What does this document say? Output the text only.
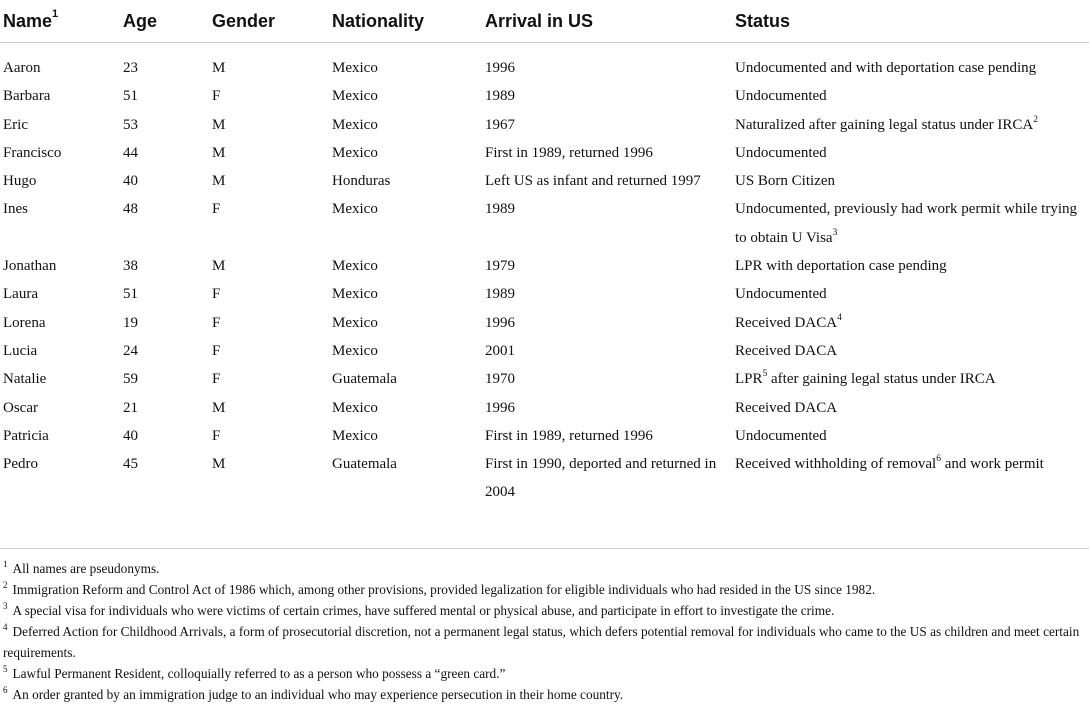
Name$^1$	Age	Gender	Nationality	Arrival in US	Status
Aaron	23	M	Mexico	1996	Undocumented and with deportation case pending
Barbara	51	F	Mexico	1989	Undocumented
Eric	53	M	Mexico	1967	Naturalized after gaining legal status under IRCA$^2$
Francisco	44	M	Mexico	First in 1989, returned 1996	Undocumented
Hugo	40	M	Honduras	Left US as infant and returned 1997	US Born Citizen
Ines	48	F	Mexico	1989	Undocumented, previously had work permit while trying to obtain U Visa$^3$
Jonathan	38	M	Mexico	1979	LPR with deportation case pending
Laura	51	F	Mexico	1989	Undocumented
Lorena	19	F	Mexico	1996	Received DACA$^4$
Lucia	24	F	Mexico	2001	Received DACA
Natalie	59	F	Guatemala	1970	LPR$^5$ after gaining legal status under IRCA
Oscar	21	M	Mexico	1996	Received DACA
Patricia	40	F	Mexico	First in 1989, returned 1996	Undocumented
Pedro	45	M	Guatemala	First in 1990, deported and returned in 2004	Received withholding of removal$^6$ and work permit

$^1$ All names are pseudonyms.

$^2$ Immigration Reform and Control Act of 1986 which, among other provisions, provided legalization for eligible individuals who had resided in the US since 1982.

$^3$ A special visa for individuals who were victims of certain crimes, have suffered mental or physical abuse, and participate in effort to investigate the crime.

$^4$ Deferred Action for Childhood Arrivals, a form of prosecutorial discretion, not a permanent legal status, which defers potential removal for individuals who came to the US as children and meet certain requirements.

$^5$ Lawful Permanent Resident, colloquially referred to as a person who possess a “green card.”

$^6$ An order granted by an immigration judge to an individual who may experience persecution in their home country.
